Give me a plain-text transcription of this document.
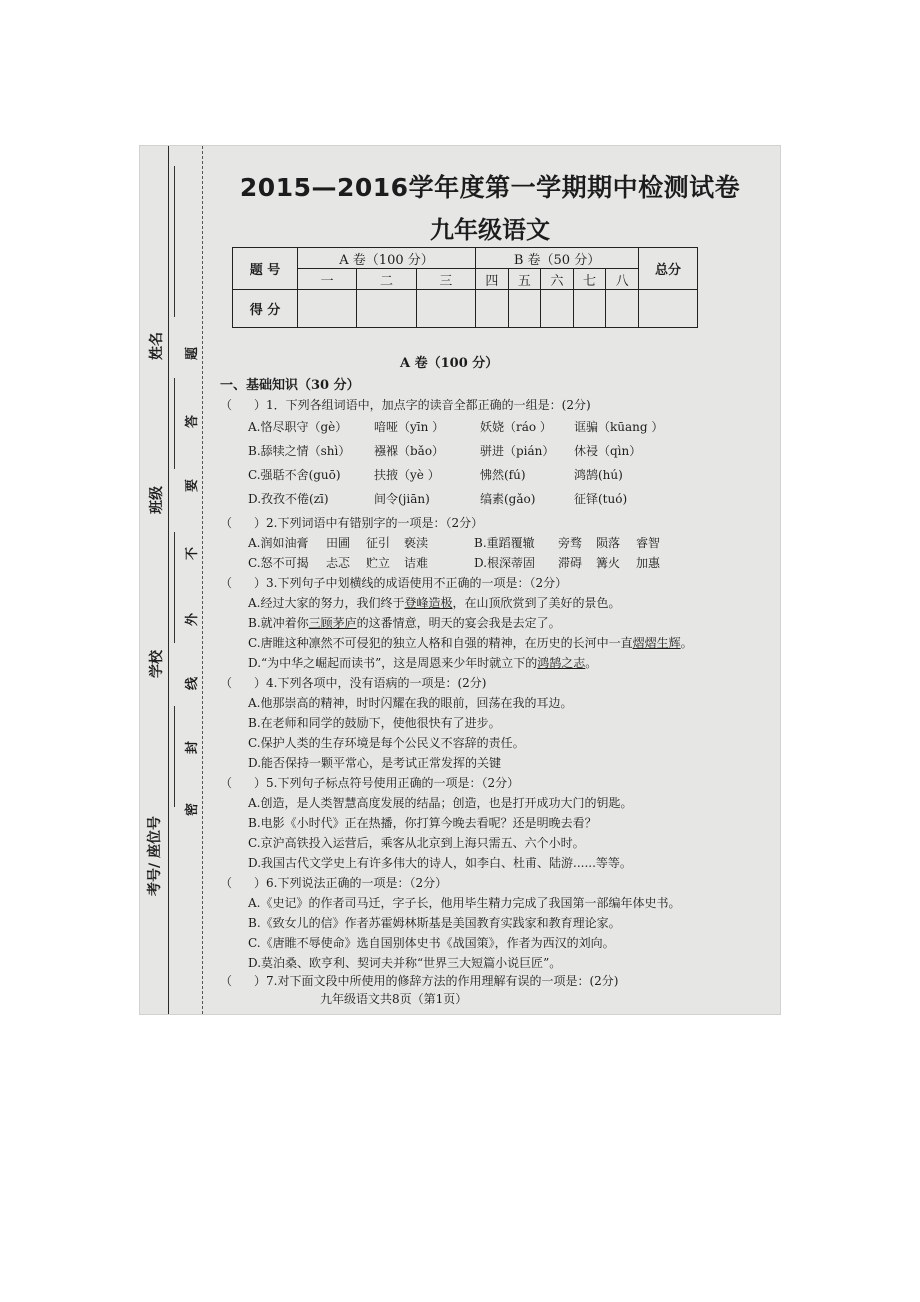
姓名
班级
学校
考号/ 座位号
题
答
要
不
外
线
封
密
2015—2016学年度第一学期期中检测试卷
九年级语文
题 号	A 卷（100 分）			B 卷（50 分）					总分
	一	二	三	四	五	六	七	八	
得 分									
A 卷（100 分）
一、基础知识（30 分）
（ ）1．下列各组词语中，加点字的读音全都正确的一组是：(2分)
A.恪尽职守（gè） 喑哑（yīn ）	妖娆（ráo ） 诓骗（kūang ）
B.舔犊之情（shì） 襁褓（bǎo）	骈进（pián） 休祲（qìn）
C.强聒不舍(guō)	扶掖（yè ）	怫然(fú)	鸿鹄(hú)
D.孜孜不倦(zī)	间令(jiān)	缟素(gǎo)	征铎(tuó)
（ ）2.下列词语中有错别字的一项是：（2分）
A.润如油膏 田圃 征引 亵渎	B.重蹈覆辙 旁骛 陨落 睿智
C.怒不可揭 忐忑 贮立 诘难	D.根深蒂固 滞碍 篝火 加惠
（ ）3.下列句子中划横线的成语使用不正确的一项是：（2分）
A.经过大家的努力，我们终于登峰造极，在山顶欣赏到了美好的景色。
B.就冲着你三顾茅庐的这番情意，明天的宴会我是去定了。
C.唐睢这种凛然不可侵犯的独立人格和自强的精神，在历史的长河中一直熠熠生辉。
D.“为中华之崛起而读书”，这是周恩来少年时就立下的鸿鹄之志。
（ ）4.下列各项中，没有语病的一项是：(2分)
A.他那崇高的精神，时时闪耀在我的眼前，回荡在我的耳边。
B.在老师和同学的鼓励下，使他很快有了进步。
C.保护人类的生存环境是每个公民义不容辞的责任。
D.能否保持一颗平常心，是考试正常发挥的关键
（ ）5.下列句子标点符号使用正确的一项是：（2分）
A.创造，是人类智慧高度发展的结晶；创造，也是打开成功大门的钥匙。
B.电影《小时代》正在热播，你打算今晚去看呢？还是明晚去看？
C.京沪高铁投入运营后，乘客从北京到上海只需五、六个小时。
D.我国古代文学史上有许多伟大的诗人，如李白、杜甫、陆游......等等。
（ ）6.下列说法正确的一项是：（2分）
A.《史记》的作者司马迁，字子长，他用毕生精力完成了我国第一部编年体史书。
B.《致女儿的信》作者苏霍姆林斯基是美国教育实践家和教育理论家。
C.《唐睢不辱使命》选自国别体史书《战国策》，作者为西汉的刘向。
D.莫泊桑、欧亨利、契诃夫并称“世界三大短篇小说巨匠”。
（ ）7.对下面文段中所使用的修辞方法的作用理解有误的一项是：(2分)
九年级语文共8页（第1页）
